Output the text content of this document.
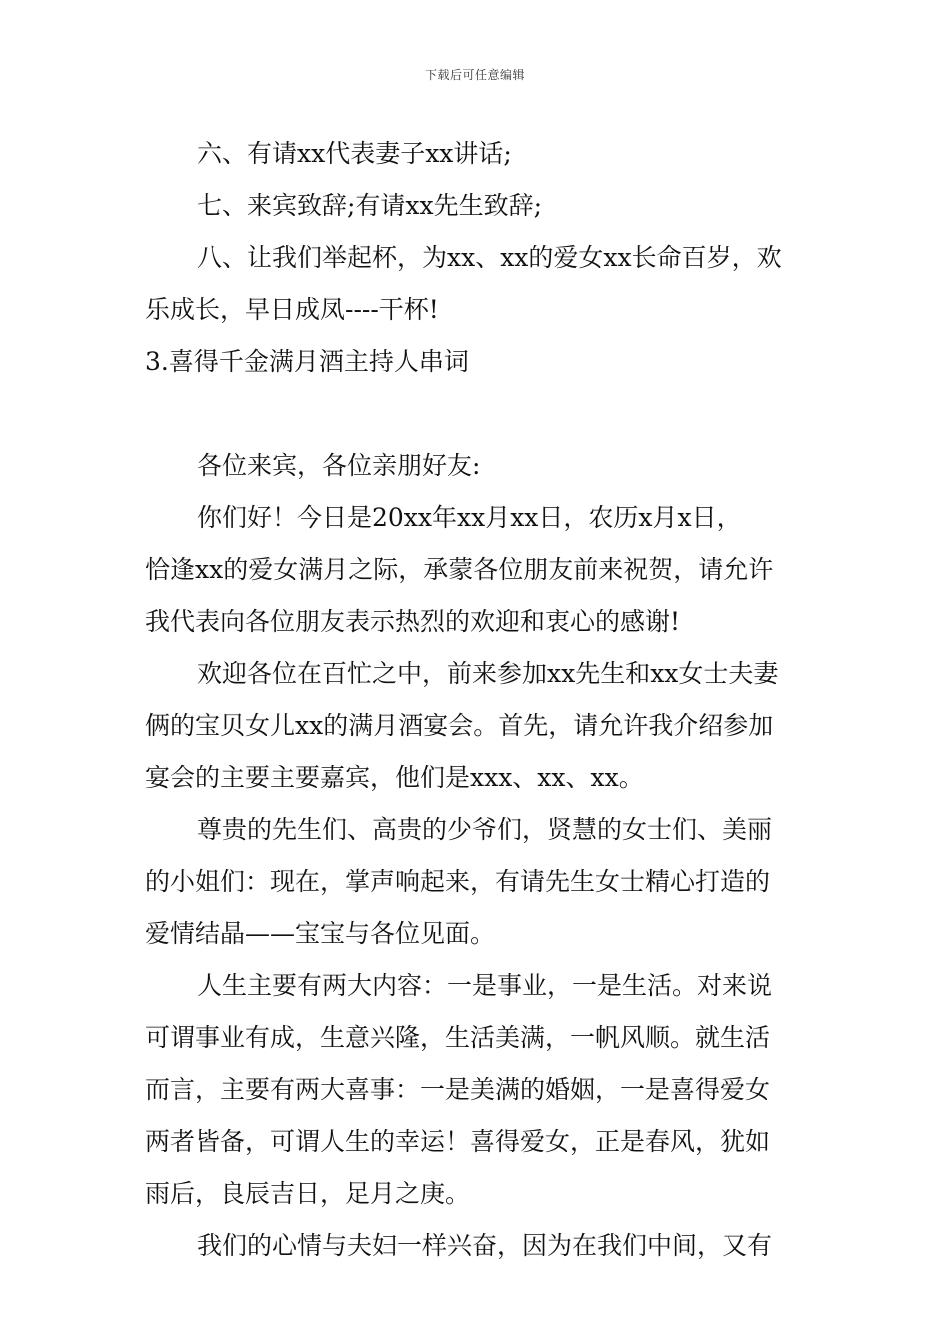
下载后可任意编辑
六、有请xx代表妻子xx讲话;
七、来宾致辞;有请xx先生致辞;
八、让我们举起杯，为xx、xx的爱女xx长命百岁，欢
乐成长，早日成凤----干杯!
3.喜得千金满月酒主持人串词
各位来宾，各位亲朋好友:
你们好！今日是20xx年xx月xx日，农历x月x日，
恰逢xx的爱女满月之际，承蒙各位朋友前来祝贺，请允许
我代表向各位朋友表示热烈的欢迎和衷心的感谢!
欢迎各位在百忙之中，前来参加xx先生和xx女士夫妻
俩的宝贝女儿xx的满月酒宴会。首先，请允许我介绍参加
宴会的主要主要嘉宾，他们是xxx、xx、xx。
尊贵的先生们、高贵的少爷们，贤慧的女士们、美丽
的小姐们：现在，掌声响起来，有请先生女士精心打造的
爱情结晶——宝宝与各位见面。
人生主要有两大内容：一是事业，一是生活。对来说
可谓事业有成，生意兴隆，生活美满，一帆风顺。就生活
而言，主要有两大喜事：一是美满的婚姻，一是喜得爱女
两者皆备，可谓人生的幸运！喜得爱女，正是春风，犹如
雨后，良辰吉日，足月之庚。
我们的心情与夫妇一样兴奋，因为在我们中间，又有
